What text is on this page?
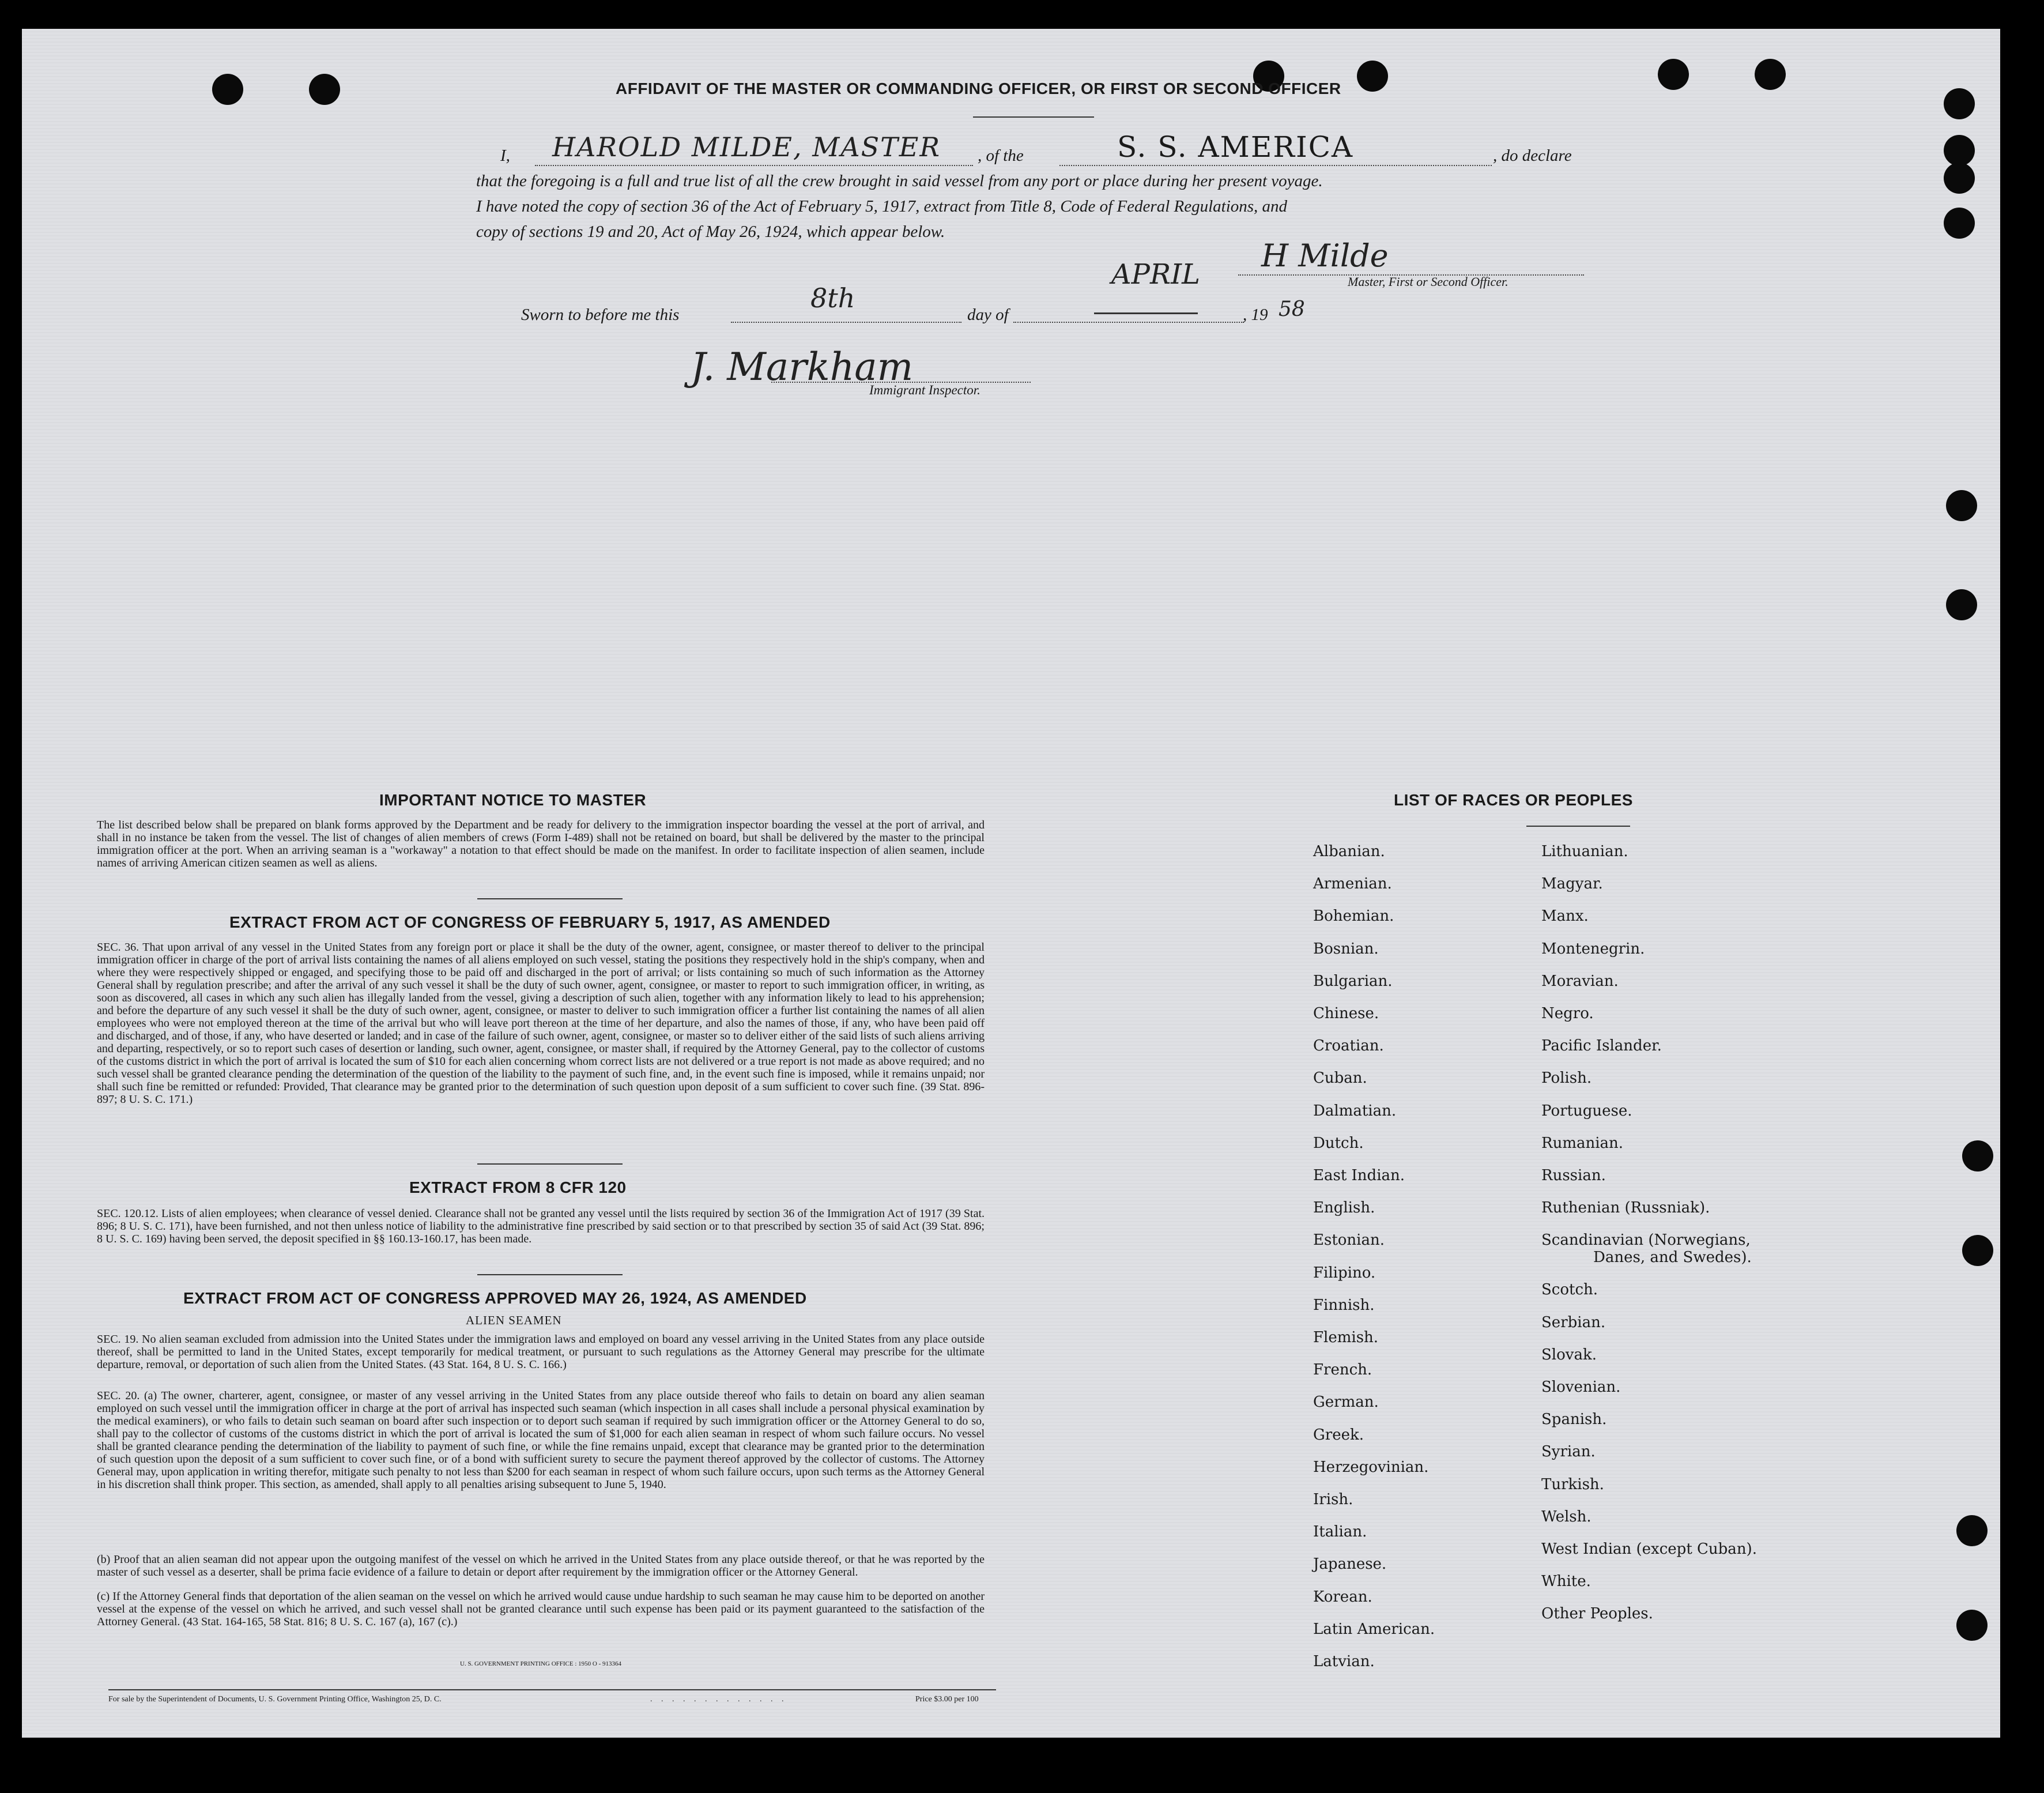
AFFIDAVIT OF THE MASTER OR COMMANDING OFFICER, OR FIRST OR SECOND OFFICER
I, HAROLD MILDE, MASTER , of the	S. S. AMERICA	, do declare
that the foregoing is a full and true list of all the crew brought in said vessel from any port or place during her present voyage.
I have noted the copy of section 36 of the Act of February 5, 1917, extract from Title 8, Code of Federal Regulations, and
copy of sections 19 and 20, Act of May 26, 1924, which appear below.
APRIL
H Milde
Master, First or Second Officer.
Sworn to before me this
8th
day of	, 19 58
J. Markham
Immigrant Inspector.
IMPORTANT NOTICE TO MASTER
The list described below shall be prepared on blank forms approved by the Department and be ready for delivery to the immigration inspector boarding the vessel at the port of arrival, and shall in no instance be taken from the vessel. The list of changes of alien members of crews (Form I-489) shall not be retained on board, but shall be delivered by the master to the principal immigration officer at the port. When an arriving seaman is a "workaway" a notation to that effect should be made on the manifest. In order to facilitate inspection of alien seamen, include names of arriving American citizen seamen as well as aliens.
EXTRACT FROM ACT OF CONGRESS OF FEBRUARY 5, 1917, AS AMENDED
SEC. 36. That upon arrival of any vessel in the United States from any foreign port or place it shall be the duty of the owner, agent, consignee, or master thereof to deliver to the principal immigration officer in charge of the port of arrival lists containing the names of all aliens employed on such vessel, stating the positions they respectively hold in the ship's company, when and where they were respectively shipped or engaged, and specifying those to be paid off and discharged in the port of arrival; or lists containing so much of such information as the Attorney General shall by regulation prescribe; and after the arrival of any such vessel it shall be the duty of such owner, agent, consignee, or master to report to such immigration officer, in writing, as soon as discovered, all cases in which any such alien has illegally landed from the vessel, giving a description of such alien, together with any information likely to lead to his apprehension; and before the departure of any such vessel it shall be the duty of such owner, agent, consignee, or master to deliver to such immigration officer a further list containing the names of all alien employees who were not employed thereon at the time of the arrival but who will leave port thereon at the time of her departure, and also the names of those, if any, who have been paid off and discharged, and of those, if any, who have deserted or landed; and in case of the failure of such owner, agent, consignee, or master so to deliver either of the said lists of such aliens arriving and departing, respectively, or so to report such cases of desertion or landing, such owner, agent, consignee, or master shall, if required by the Attorney General, pay to the collector of customs of the customs district in which the port of arrival is located the sum of $10 for each alien concerning whom correct lists are not delivered or a true report is not made as above required; and no such vessel shall be granted clearance pending the determination of the question of the liability to the payment of such fine, and, in the event such fine is imposed, while it remains unpaid; nor shall such fine be remitted or refunded: Provided, That clearance may be granted prior to the determination of such question upon deposit of a sum sufficient to cover such fine. (39 Stat. 896-897; 8 U. S. C. 171.)
EXTRACT FROM 8 CFR 120
SEC. 120.12. Lists of alien employees; when clearance of vessel denied. Clearance shall not be granted any vessel until the lists required by section 36 of the Immigration Act of 1917 (39 Stat. 896; 8 U. S. C. 171), have been furnished, and not then unless notice of liability to the administrative fine prescribed by said section or to that prescribed by section 35 of said Act (39 Stat. 896; 8 U. S. C. 169) having been served, the deposit specified in §§ 160.13-160.17, has been made.
EXTRACT FROM ACT OF CONGRESS APPROVED MAY 26, 1924, AS AMENDED
ALIEN SEAMEN
SEC. 19. No alien seaman excluded from admission into the United States under the immigration laws and employed on board any vessel arriving in the United States from any place outside thereof, shall be permitted to land in the United States, except temporarily for medical treatment, or pursuant to such regulations as the Attorney General may prescribe for the ultimate departure, removal, or deportation of such alien from the United States. (43 Stat. 164, 8 U. S. C. 166.)
SEC. 20. (a) The owner, charterer, agent, consignee, or master of any vessel arriving in the United States from any place outside thereof who fails to detain on board any alien seaman employed on such vessel until the immigration officer in charge at the port of arrival has inspected such seaman (which inspection in all cases shall include a personal physical examination by the medical examiners), or who fails to detain such seaman on board after such inspection or to deport such seaman if required by such immigration officer or the Attorney General to do so, shall pay to the collector of customs of the customs district in which the port of arrival is located the sum of $1,000 for each alien seaman in respect of whom such failure occurs. No vessel shall be granted clearance pending the determination of the liability to payment of such fine, or while the fine remains unpaid, except that clearance may be granted prior to the determination of such question upon the deposit of a sum sufficient to cover such fine, or of a bond with sufficient surety to secure the payment thereof approved by the collector of customs. The Attorney General may, upon application in writing therefor, mitigate such penalty to not less than $200 for each seaman in respect of whom such failure occurs, upon such terms as the Attorney General in his discretion shall think proper. This section, as amended, shall apply to all penalties arising subsequent to June 5, 1940.
(b) Proof that an alien seaman did not appear upon the outgoing manifest of the vessel on which he arrived in the United States from any place outside thereof, or that he was reported by the master of such vessel as a deserter, shall be prima facie evidence of a failure to detain or deport after requirement by the immigration officer or the Attorney General.
(c) If the Attorney General finds that deportation of the alien seaman on the vessel on which he arrived would cause undue hardship to such seaman he may cause him to be deported on another vessel at the expense of the vessel on which he arrived, and such vessel shall not be granted clearance until such expense has been paid or its payment guaranteed to the satisfaction of the Attorney General. (43 Stat. 164-165, 58 Stat. 816; 8 U. S. C. 167 (a), 167 (c).)
U. S. GOVERNMENT PRINTING OFFICE : 1950 O - 913364
For sale by the Superintendent of Documents, U. S. Government Printing Office, Washington 25, D. C.	. . . . . . . . . . . . .	Price $3.00 per 100
LIST OF RACES OR PEOPLES
Albanian.
Armenian.
Bohemian.
Bosnian.
Bulgarian.
Chinese.
Croatian.
Cuban.
Dalmatian.
Dutch.
East Indian.
English.
Estonian.
Filipino.
Finnish.
Flemish.
French.
German.
Greek.
Herzegovinian.
Irish.
Italian.
Japanese.
Korean.
Latin American.
Latvian.
Lithuanian.
Magyar.
Manx.
Montenegrin.
Moravian.
Negro.
Pacific Islander.
Polish.
Portuguese.
Rumanian.
Russian.
Ruthenian (Russniak).
Scandinavian (Norwegians,
Danes, and Swedes).
Scotch.
Serbian.
Slovak.
Slovenian.
Spanish.
Syrian.
Turkish.
Welsh.
West Indian (except Cuban).
White.
Other Peoples.
